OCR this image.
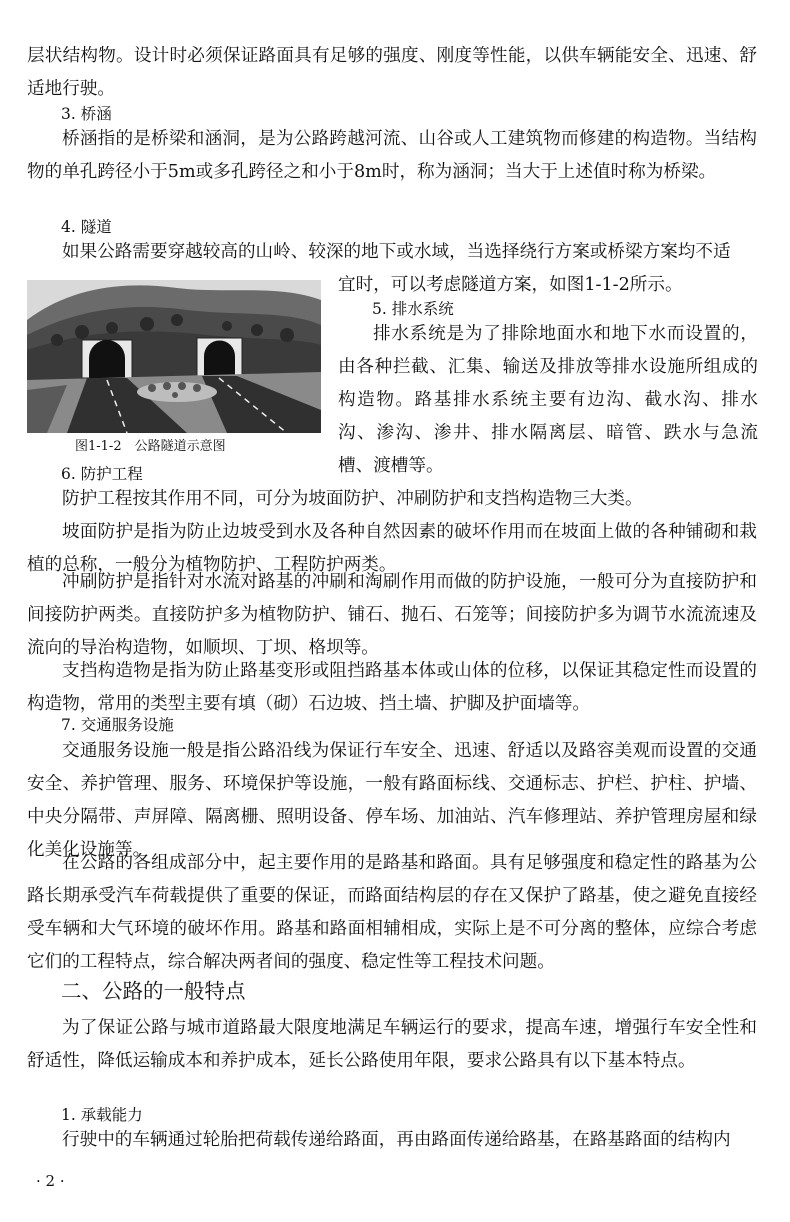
层状结构物。设计时必须保证路面具有足够的强度、刚度等性能，以供车辆能安全、迅速、舒适地行驶。

3. 桥涵

桥涵指的是桥梁和涵洞，是为公路跨越河流、山谷或人工建筑物而修建的构造物。当结构物的单孔跨径小于5m或多孔跨径之和小于8m时，称为涵洞；当大于上述值时称为桥梁。

4. 隧道

如果公路需要穿越较高的山岭、较深的地下或水域，当选择绕行方案或桥梁方案均不适

宜时，可以考虑隧道方案，如图1-1-2所示。

图1-1-2　公路隧道示意图

5. 排水系统

排水系统是为了排除地面水和地下水而设置的，由各种拦截、汇集、输送及排放等排水设施所组成的构造物。路基排水系统主要有边沟、截水沟、排水沟、渗沟、渗井、排水隔离层、暗管、跌水与急流槽、渡槽等。

6. 防护工程

防护工程按其作用不同，可分为坡面防护、冲刷防护和支挡构造物三大类。

坡面防护是指为防止边坡受到水及各种自然因素的破坏作用而在坡面上做的各种铺砌和栽植的总称，一般分为植物防护、工程防护两类。

冲刷防护是指针对水流对路基的冲刷和淘刷作用而做的防护设施，一般可分为直接防护和间接防护两类。直接防护多为植物防护、铺石、抛石、石笼等；间接防护多为调节水流流速及流向的导治构造物，如顺坝、丁坝、格坝等。

支挡构造物是指为防止路基变形或阻挡路基本体或山体的位移，以保证其稳定性而设置的构造物，常用的类型主要有填（砌）石边坡、挡土墙、护脚及护面墙等。

7. 交通服务设施

交通服务设施一般是指公路沿线为保证行车安全、迅速、舒适以及路容美观而设置的交通安全、养护管理、服务、环境保护等设施，一般有路面标线、交通标志、护栏、护柱、护墙、中央分隔带、声屏障、隔离栅、照明设备、停车场、加油站、汽车修理站、养护管理房屋和绿化美化设施等。

在公路的各组成部分中，起主要作用的是路基和路面。具有足够强度和稳定性的路基为公路长期承受汽车荷载提供了重要的保证，而路面结构层的存在又保护了路基，使之避免直接经受车辆和大气环境的破坏作用。路基和路面相辅相成，实际上是不可分离的整体，应综合考虑它们的工程特点，综合解决两者间的强度、稳定性等工程技术问题。

二、公路的一般特点

为了保证公路与城市道路最大限度地满足车辆运行的要求，提高车速，增强行车安全性和舒适性，降低运输成本和养护成本，延长公路使用年限，要求公路具有以下基本特点。

1. 承载能力

行驶中的车辆通过轮胎把荷载传递给路面，再由路面传递给路基，在路基路面的结构内

· 2 ·
